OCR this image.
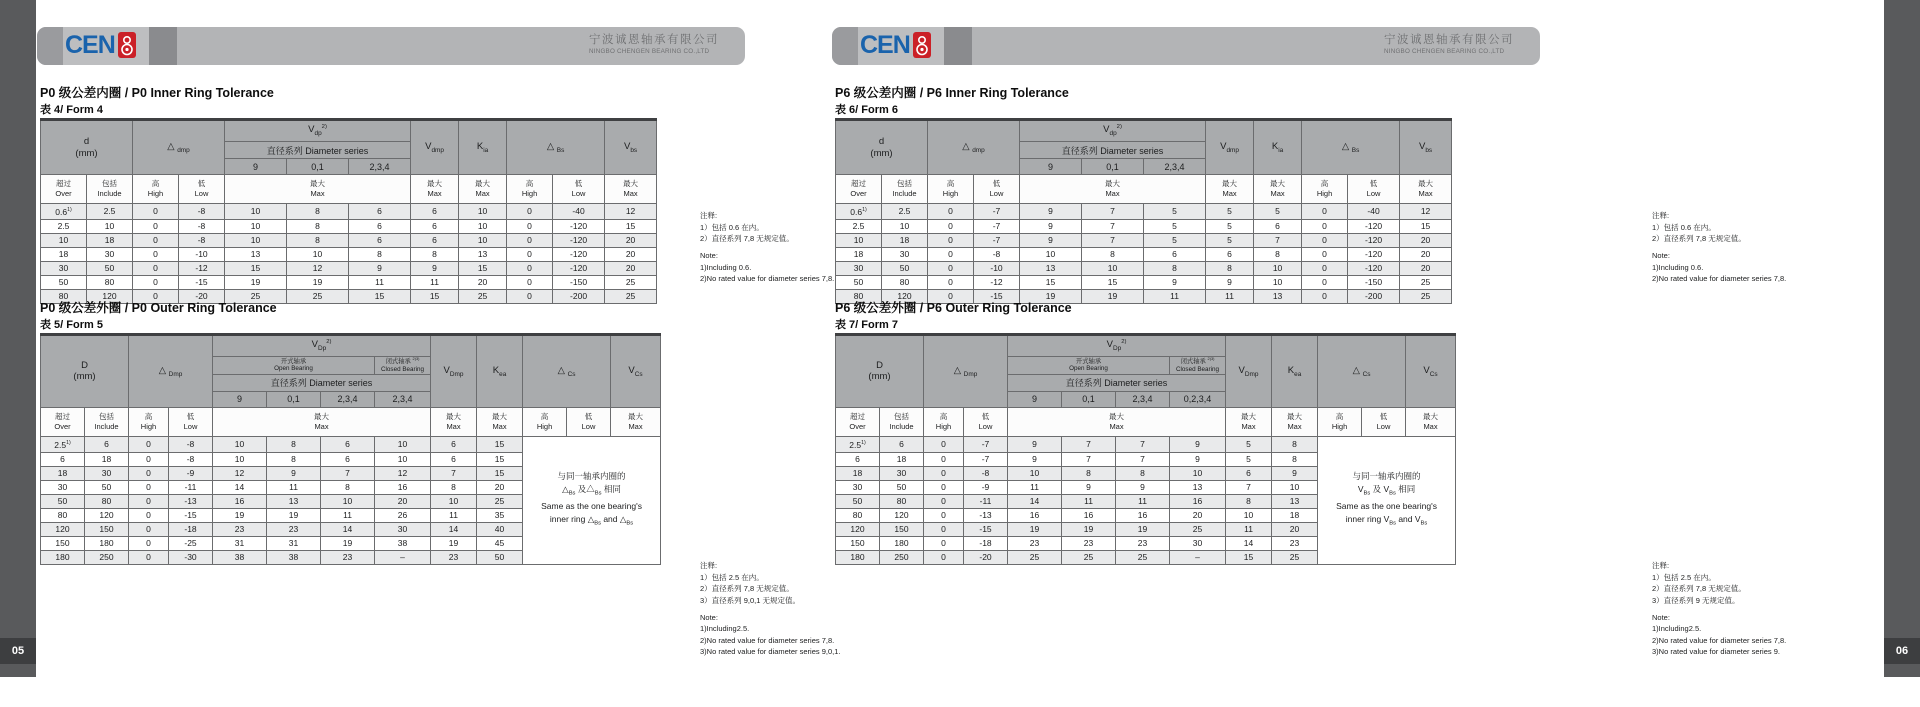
05	06
CEN	宁波诚恩轴承有限公司
NINGBO CHENGEN BEARING CO.,LTD
P0 级公差内圈 / P0 Inner Ring Tolerance
表 4/ Form 4
d
(mm)		△ $_{dmp}$		$V_{dp}^{2)}$			$V_{dmp}$	$K_{ia}$	△ $_{Bs}$		$V_{bs}$
				直径系列 Diameter series							
				9	0,1	2,3,4					
超过
Over	包括
Include	高
High	低
Low	最大
Max			最大
Max	最大
Max	高
High	低
Low	最大
Max
0.6$^{1)}$	2.5	0	-8	10	8	6	6	10	0	-40	12
2.5	10	0	-8	10	8	6	6	10	0	-120	15
10	18	0	-8	10	8	6	6	10	0	-120	20
18	30	0	-10	13	10	8	8	13	0	-120	20
30	50	0	-12	15	12	9	9	15	0	-120	20
50	80	0	-15	19	19	11	11	20	0	-150	25
80	120	0	-20	25	25	15	15	25	0	-200	25
注释:
1）包括 0.6 在内。
2）直径系列 7,8 无规定值。
Note:
1)Including 0.6.
2)No rated value for diameter series 7,8.
P0 级公差外圈 / P0 Outer Ring Tolerance
表 5/ Form 5
D
(mm)		△ $_{Dmp}$		$V_{Dp}^{2)}$				$V_{Dmp}$	$K_{ea}$	△ $_{Cs}$		$V_{Cs}$
				开式轴承
Open Bearing			闭式轴承 $^{2)3)}$
Closed Bearing					
				直径系列 Diameter series								
				9	0,1	2,3,4	2,3,4					
超过
Over	包括
Include	高
High	低
Low	最大
Max				最大
Max	最大
Max	高
High	低
Low	最大
Max
2.5$^{1)}$	6	0	-8	10	8	6	10	6	15	与同一轴承内圈的
$\triangle_{Bs}$ 及$\triangle_{Bs}$ 相同
Same as the one bearing's
inner ring $\triangle_{Bs}$ and $\triangle_{Bs}$
6	18	0	-8	10	8	6	10	6	15			
18	30	0	-9	12	9	7	12	7	15			
30	50	0	-11	14	11	8	16	8	20			
50	80	0	-13	16	13	10	20	10	25			
80	120	0	-15	19	19	11	26	11	35			
120	150	0	-18	23	23	14	30	14	40			
150	180	0	-25	31	31	19	38	19	45			
180	250	0	-30	38	38	23	–	23	50			
注释:
1）包括 2.5 在内。
2）直径系列 7,8 无规定值。
3）直径系列 9,0,1 无规定值。
Note:
1)Including2.5.
2)No rated value for diameter series 7,8.
3)No rated value for diameter series 9,0,1.
CEN	宁波诚恩轴承有限公司
NINGBO CHENGEN BEARING CO.,LTD
P6 级公差内圈 / P6 Inner Ring Tolerance
表 6/ Form 6
d
(mm)		△ $_{dmp}$		$V_{dp}^{2)}$			$V_{dmp}$	$K_{ia}$	△ $_{Bs}$		$V_{bs}$
				直径系列 Diameter series							
				9	0,1	2,3,4					
超过
Over	包括
Include	高
High	低
Low	最大
Max			最大
Max	最大
Max	高
High	低
Low	最大
Max
0.6$^{1)}$	2.5	0	-7	9	7	5	5	5	0	-40	12
2.5	10	0	-7	9	7	5	5	6	0	-120	15
10	18	0	-7	9	7	5	5	7	0	-120	20
18	30	0	-8	10	8	6	6	8	0	-120	20
30	50	0	-10	13	10	8	8	10	0	-120	20
50	80	0	-12	15	15	9	9	10	0	-150	25
80	120	0	-15	19	19	11	11	13	0	-200	25
注释:
1）包括 0.6 在内。
2）直径系列 7,8 无规定值。
Note:
1)Including 0.6.
2)No rated value for diameter series 7,8.
P6 级公差外圈 / P6 Outer Ring Tolerance
表 7/ Form 7
D
(mm)		△ $_{Dmp}$		$V_{Dp}^{2)}$				$V_{Dmp}$	$K_{ea}$	△ $_{Cs}$		$V_{Cs}$
				开式轴承
Open Bearing			闭式轴承 $^{2)3)}$
Closed Bearing					
				直径系列 Diameter series								
				9	0,1	2,3,4	0,2,3,4					
超过
Over	包括
Include	高
High	低
Low	最大
Max				最大
Max	最大
Max	高
High	低
Low	最大
Max
2.5$^{1)}$	6	0	-7	9	7	7	9	5	8	与同一轴承内圈的
$V_{Bs}$ 及 $V_{Bs}$ 相同
Same as the one bearing's
inner ring $V_{Bs}$ and $V_{Bs}$
6	18	0	-7	9	7	7	9	5	8			
18	30	0	-8	10	8	8	10	6	9			
30	50	0	-9	11	9	9	13	7	10			
50	80	0	-11	14	11	11	16	8	13			
80	120	0	-13	16	16	16	20	10	18			
120	150	0	-15	19	19	19	25	11	20			
150	180	0	-18	23	23	23	30	14	23			
180	250	0	-20	25	25	25	–	15	25			
注释:
1）包括 2.5 在内。
2）直径系列 7,8 无规定值。
3）直径系列 9 无规定值。
Note:
1)Including2.5.
2)No rated value for diameter series 7,8.
3)No rated value for diameter series 9.
